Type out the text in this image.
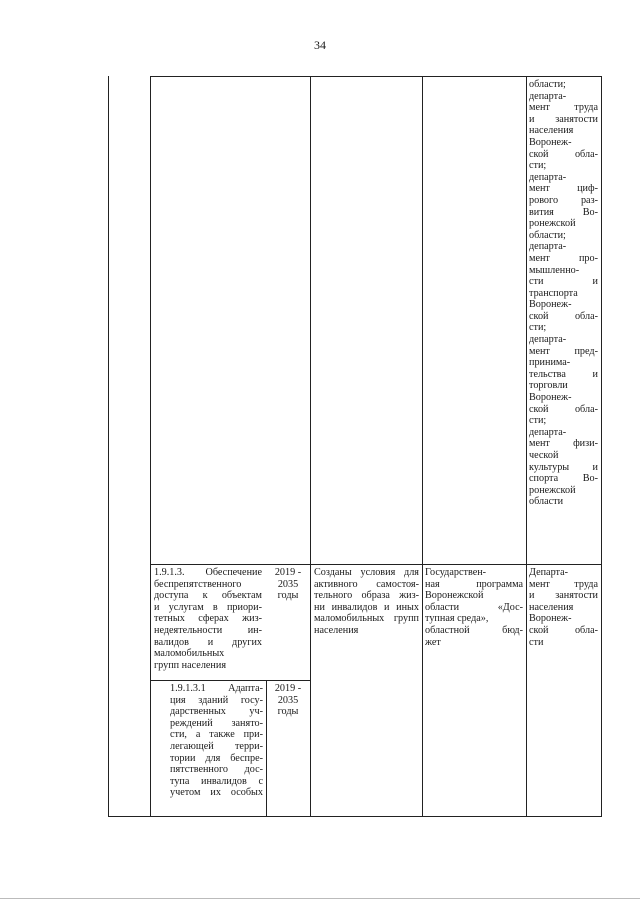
34
области;
департа-
мент труда
и занятости
населения
Воронеж-
ской обла-
сти;
департа-
мент циф-
рового раз-
вития Во-
ронежской
области;
департа-
мент про-
мышленно-
сти и
транспорта
Воронеж-
ской обла-
сти;
департа-
мент пред-
принима-
тельства и
торговли
Воронеж-
ской обла-
сти;
департа-
мент физи-
ческой
культуры и
спорта Во-
ронежской
области
1.9.1.3. Обеспечение
беспрепятственного
доступа к объектам
и услугам в приори-
тетных сферах жиз-
недеятельности ин-
валидов и других
маломобильных
групп населения
2019 -
2035
годы
Созданы условия для
активного самостоя-
тельного образа жиз-
ни инвалидов и иных
маломобильных групп
населения
Государствен-
ная программа
Воронежской
области «Дос-
тупная среда»,
областной бюд-
жет
Департа-
мент труда
и занятости
населения
Воронеж-
ской обла-
сти
1.9.1.3.1 Адапта-
ция зданий госу-
дарственных уч-
реждений занято-
сти, а также при-
легающей терри-
тории для беспре-
пятственного дос-
тупа инвалидов с
учетом их особых
2019 -
2035
годы
